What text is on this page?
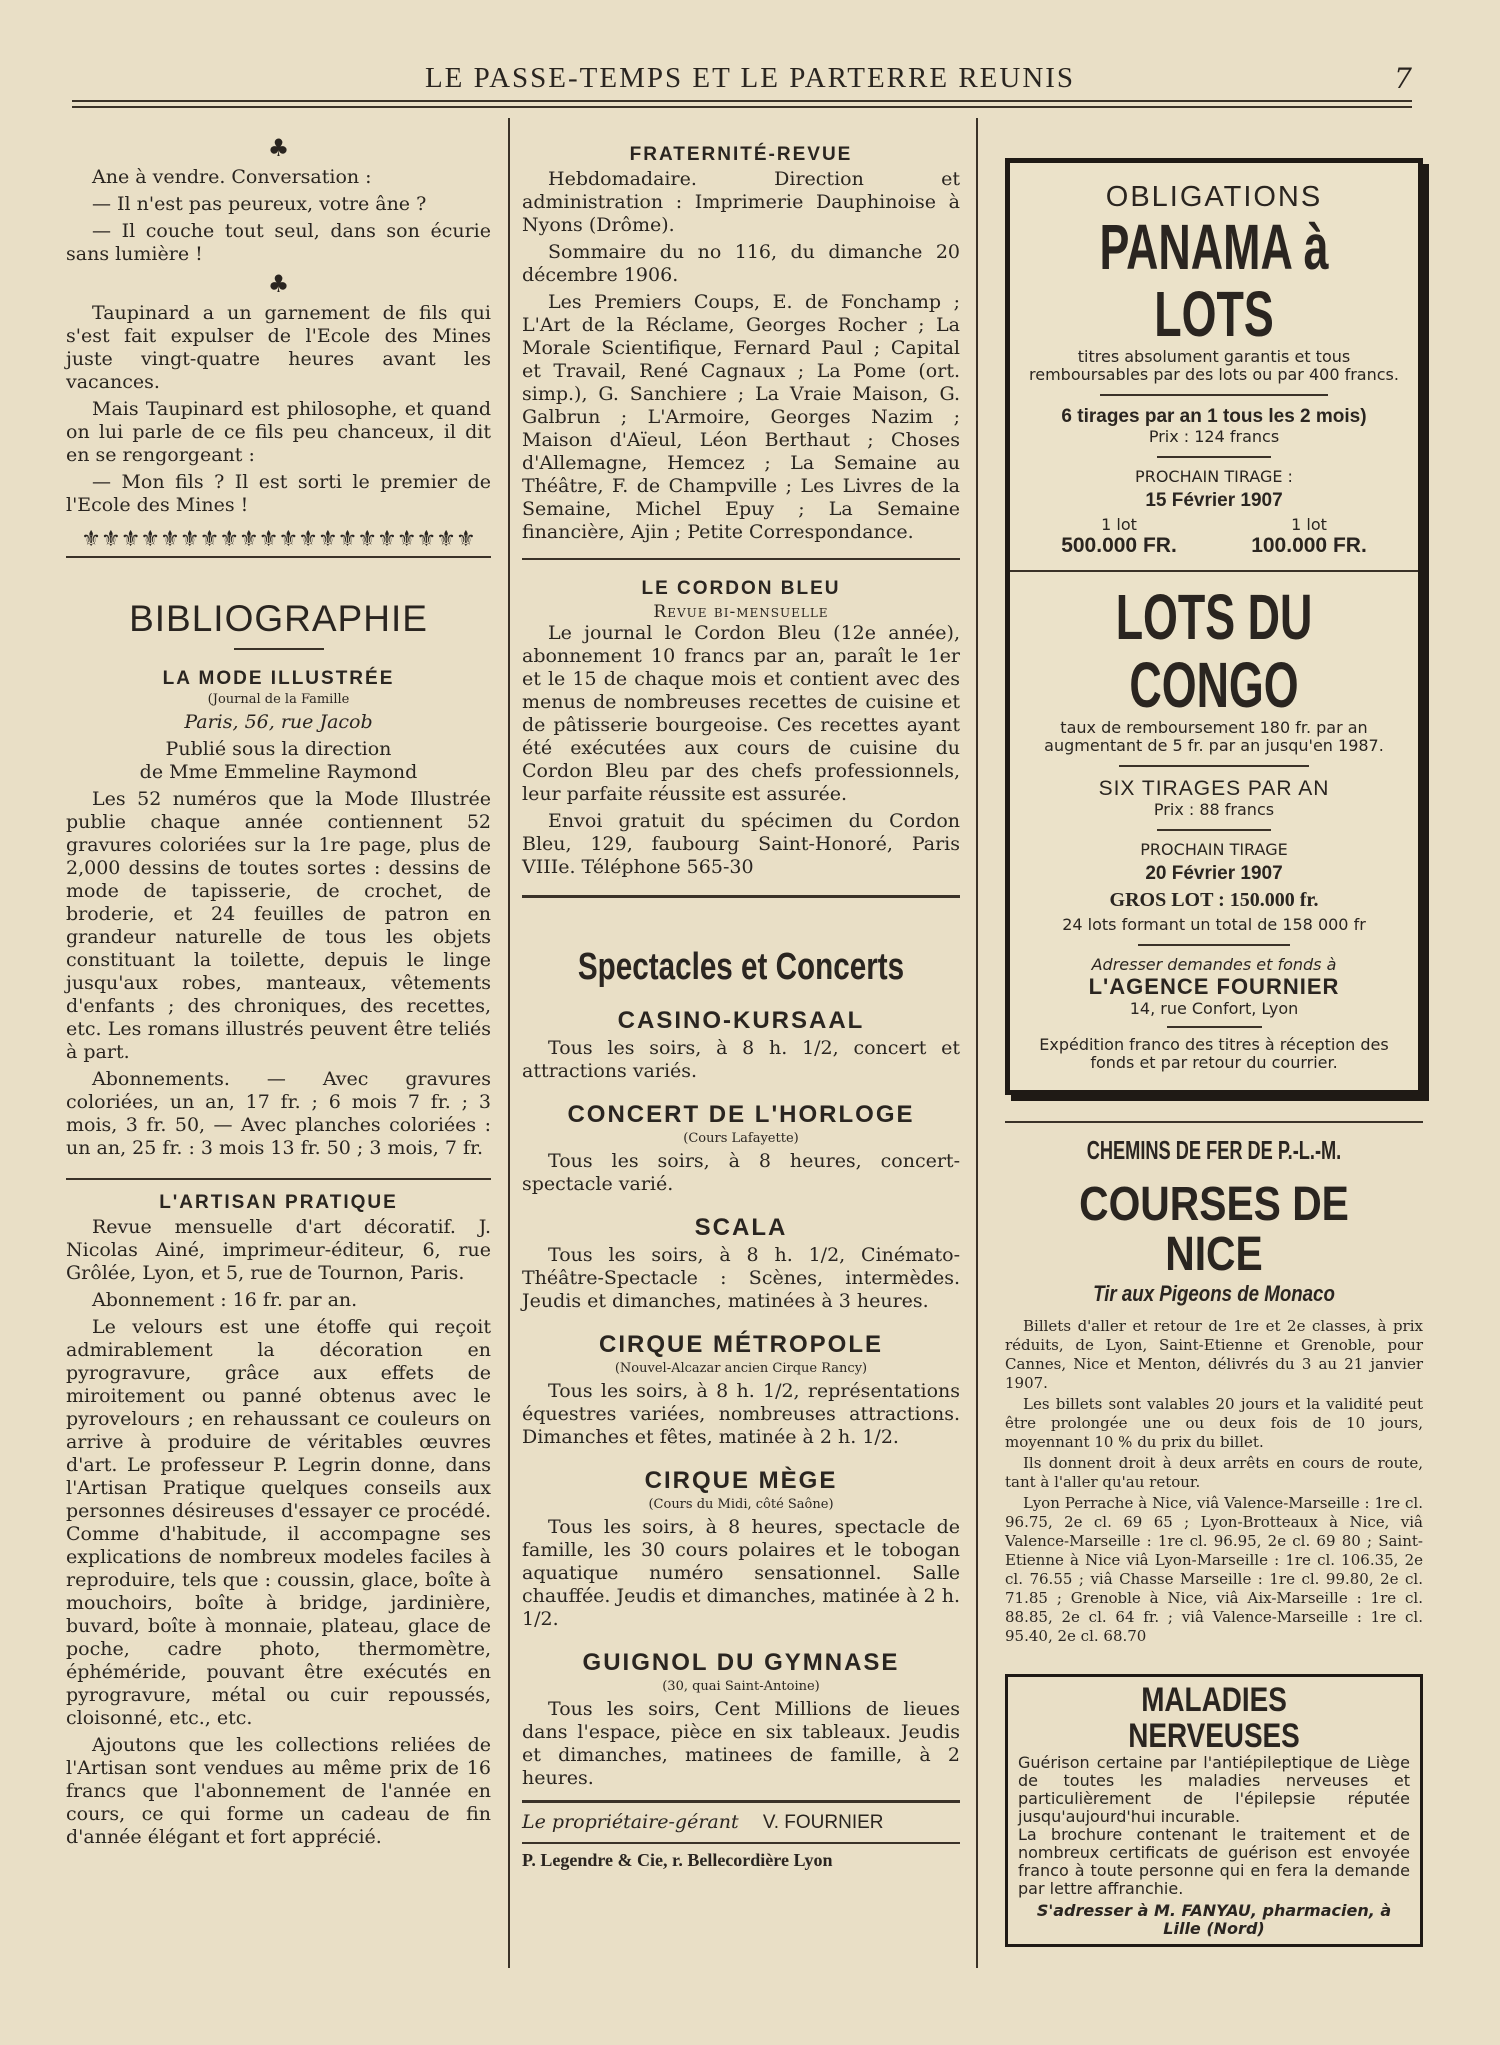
LE PASSE-TEMPS ET LE PARTERRE REUNIS	7
♣

Ane à vendre. Conversation :

— Il n'est pas peureux, votre âne ?

— Il couche tout seul, dans son écurie sans lumière !

♣

Taupinard a un garnement de fils qui s'est fait expulser de l'Ecole des Mines juste vingt-quatre heures avant les vacances.

Mais Taupinard est philosophe, et quand on lui parle de ce fils peu chanceux, il dit en se rengorgeant :

— Mon fils ? Il est sorti le premier de l'Ecole des Mines !

⚜⚜⚜⚜⚜⚜⚜⚜⚜⚜⚜⚜⚜⚜⚜⚜⚜⚜⚜⚜
BIBLIOGRAPHIE
LA MODE ILLUSTRÉE
(Journal de la Famille

Paris, 56, rue Jacob

Publié sous la direction

de Mme Emmeline Raymond

Les 52 numéros que la Mode Illustrée publie chaque année contiennent 52 gravures coloriées sur la 1re page, plus de 2,000 dessins de toutes sortes : dessins de mode de tapisserie, de crochet, de broderie, et 24 feuilles de patron en grandeur naturelle de tous les objets constituant la toilette, depuis le linge jusqu'aux robes, manteaux, vêtements d'enfants ; des chroniques, des recettes, etc. Les romans illustrés peuvent être teliés à part.

Abonnements. — Avec gravures coloriées, un an, 17 fr. ; 6 mois 7 fr. ; 3 mois, 3 fr. 50, — Avec planches coloriées : un an, 25 fr. : 3 mois 13 fr. 50 ; 3 mois, 7 fr.

L'ARTISAN PRATIQUE

Revue mensuelle d'art décoratif. J. Nicolas Ainé, imprimeur-éditeur, 6, rue Grôlée, Lyon, et 5, rue de Tournon, Paris.

Abonnement : 16 fr. par an.

Le velours est une étoffe qui reçoit admirablement la décoration en pyrogravure, grâce aux effets de miroitement ou panné obtenus avec le pyrovelours ; en rehaussant ce couleurs on arrive à produire de véritables œuvres d'art. Le professeur P. Legrin donne, dans l'Artisan Pratique quelques conseils aux personnes désireuses d'essayer ce procédé. Comme d'habitude, il accompagne ses explications de nombreux modeles faciles à reproduire, tels que : coussin, glace, boîte à mouchoirs, boîte à bridge, jardinière, buvard, boîte à monnaie, plateau, glace de poche, cadre photo, thermomètre, éphéméride, pouvant être exécutés en pyrogravure, métal ou cuir repoussés, cloisonné, etc., etc.

Ajoutons que les collections reliées de l'Artisan sont vendues au même prix de 16 francs que l'abonnement de l'année en cours, ce qui forme un cadeau de fin d'année élégant et fort apprécié.

FRATERNITÉ-REVUE

Hebdomadaire. Direction et administration : Imprimerie Dauphinoise à Nyons (Drôme).

Sommaire du no 116, du dimanche 20 décembre 1906.

Les Premiers Coups, E. de Fonchamp ; L'Art de la Réclame, Georges Rocher ; La Morale Scientifique, Fernard Paul ; Capital et Travail, René Cagnaux ; La Pome (ort. simp.), G. Sanchiere ; La Vraie Maison, G. Galbrun ; L'Armoire, Georges Nazim ; Maison d'Aïeul, Léon Berthaut ; Choses d'Allemagne, Hemcez ; La Semaine au Théâtre, F. de Champville ; Les Livres de la Semaine, Michel Epuy ; La Semaine financière, Ajin ; Petite Correspondance.

LE CORDON BLEU
Revue bi-mensuelle

Le journal le Cordon Bleu (12e année), abonnement 10 francs par an, paraît le 1er et le 15 de chaque mois et contient avec des menus de nombreuses recettes de cuisine et de pâtisserie bourgeoise. Ces recettes ayant été exécutées aux cours de cuisine du Cordon Bleu par des chefs professionnels, leur parfaite réussite est assurée.

Envoi gratuit du spécimen du Cordon Bleu, 129, faubourg Saint-Honoré, Paris VIIIe. Téléphone 565-30

Spectacles et Concerts
CASINO-KURSAAL

Tous les soirs, à 8 h. 1/2, concert et attractions variés.

CONCERT DE L'HORLOGE
(Cours Lafayette)

Tous les soirs, à 8 heures, concert-spectacle varié.

SCALA

Tous les soirs, à 8 h. 1/2, Cinémato-Théâtre-Spectacle : Scènes, intermèdes. Jeudis et dimanches, matinées à 3 heures.

CIRQUE MÉTROPOLE
(Nouvel-Alcazar ancien Cirque Rancy)

Tous les soirs, à 8 h. 1/2, représentations équestres variées, nombreuses attractions. Dimanches et fêtes, matinée à 2 h. 1/2.

CIRQUE MÈGE
(Cours du Midi, côté Saône)

Tous les soirs, à 8 heures, spectacle de famille, les 30 cours polaires et le tobogan aquatique numéro sensationnel. Salle chauffée. Jeudis et dimanches, matinée à 2 h. 1/2.

GUIGNOL DU GYMNASE
(30, quai Saint-Antoine)

Tous les soirs, Cent Millions de lieues dans l'espace, pièce en six tableaux. Jeudis et dimanches, matinees de famille, à 2 heures.

Le propriétaire-gérant V. FOURNIER
P. Legendre & Cie, r. Bellecordière Lyon
OBLIGATIONS
PANAMA à LOTS

titres absolument garantis et tous remboursables par des lots ou par 400 francs.

6 tirages par an 1 tous les 2 mois)
Prix : 124 francs
PROCHAIN TIRAGE :
15 Février 1907
1 lot	1 lot
500.000 FR.	100.000 FR.
LOTS DU CONGO

taux de remboursement 180 fr. par an augmentant de 5 fr. par an jusqu'en 1987.

SIX TIRAGES PAR AN
Prix : 88 francs
PROCHAIN TIRAGE
20 Février 1907
GROS LOT : 150.000 fr.

24 lots formant un total de 158 000 fr

Adresser demandes et fonds à
L'AGENCE FOURNIER
14, rue Confort, Lyon

Expédition franco des titres à réception des fonds et par retour du courrier.

CHEMINS DE FER DE P.-L.-M.
COURSES DE NICE
Tir aux Pigeons de Monaco

Billets d'aller et retour de 1re et 2e classes, à prix réduits, de Lyon, Saint-Etienne et Grenoble, pour Cannes, Nice et Menton, délivrés du 3 au 21 janvier 1907.

Les billets sont valables 20 jours et la validité peut être prolongée une ou deux fois de 10 jours, moyennant 10 % du prix du billet.

Ils donnent droit à deux arrêts en cours de route, tant à l'aller qu'au retour.

Lyon Perrache à Nice, viâ Valence-Marseille : 1re cl. 96.75, 2e cl. 69 65 ; Lyon-Brotteaux à Nice, viâ Valence-Marseille : 1re cl. 96.95, 2e cl. 69 80 ; Saint-Etienne à Nice viâ Lyon-Marseille : 1re cl. 106.35, 2e cl. 76.55 ; viâ Chasse Marseille : 1re cl. 99.80, 2e cl. 71.85 ; Grenoble à Nice, viâ Aix-Marseille : 1re cl. 88.85, 2e cl. 64 fr. ; viâ Valence-Marseille : 1re cl. 95.40, 2e cl. 68.70

MALADIES NERVEUSES

Guérison certaine par l'antiépileptique de Liège de toutes les maladies nerveuses et particulièrement de l'épilepsie réputée jusqu'aujourd'hui incurable.

La brochure contenant le traitement et de nombreux certificats de guérison est envoyée franco à toute personne qui en fera la demande par lettre affranchie.

S'adresser à M. FANYAU, pharmacien, à Lille (Nord)
